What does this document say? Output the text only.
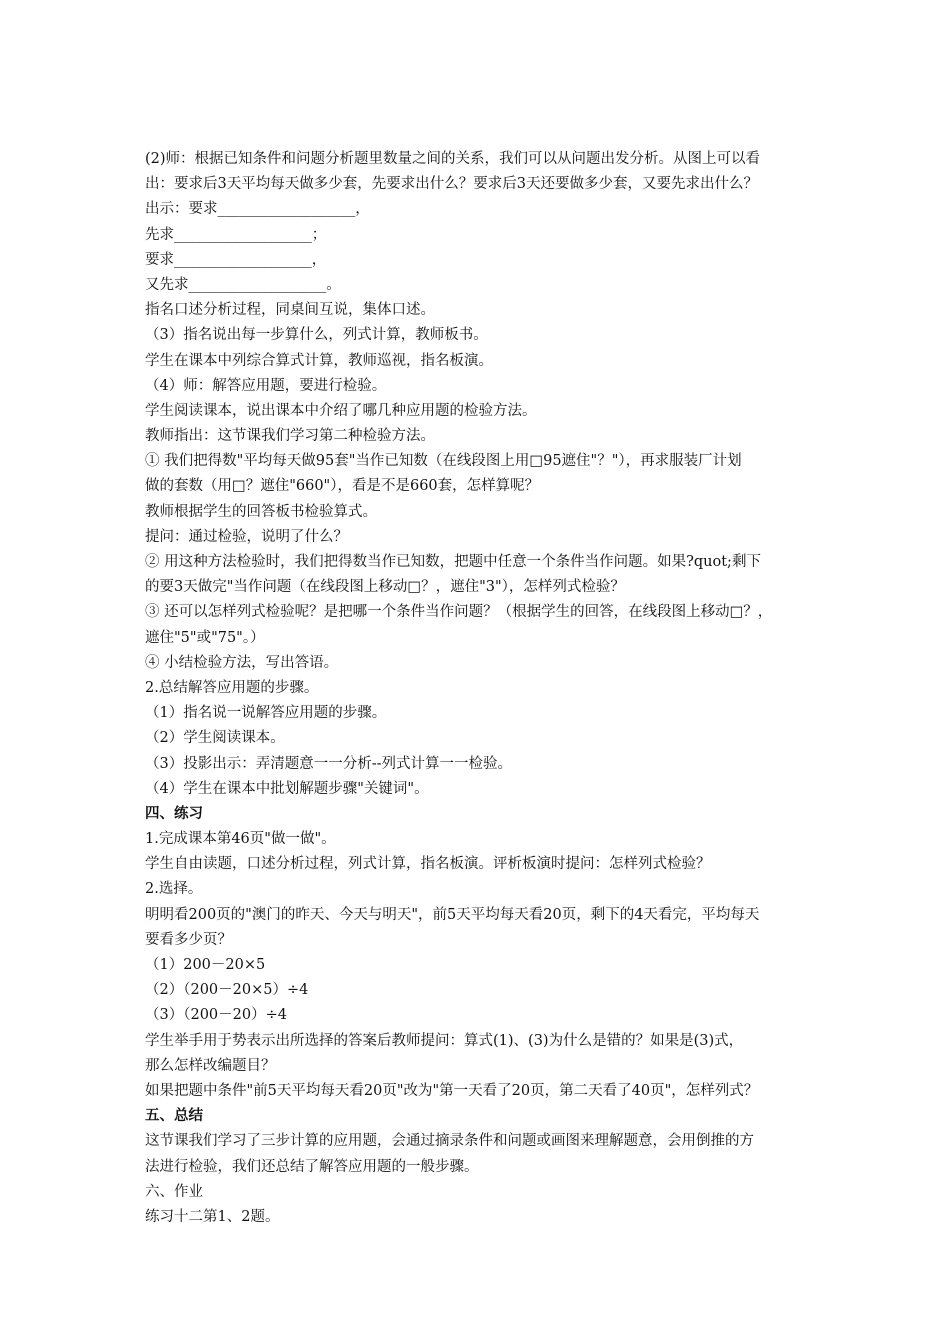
(2)师：根据已知条件和问题分析题里数量之间的关系，我们可以从问题出发分析。从图上可以看
出：要求后3天平均每天做多少套，先要求出什么？要求后3天还要做多少套，又要先求出什么？
出示：要求___________________，
先求___________________；
要求___________________，
又先求___________________。
指名口述分析过程，同桌间互说，集体口述。
（3）指名说出每一步算什么，列式计算，教师板书。
学生在课本中列综合算式计算，教师巡视，指名板演。
（4）师：解答应用题，要进行检验。
学生阅读课本，说出课本中介绍了哪几种应用题的检验方法。
教师指出：这节课我们学习第二种检验方法。
① 我们把得数"平均每天做95套"当作已知数（在线段图上用□95遮住"？"），再求服装厂计划
做的套数（用□？遮住"660"），看是不是660套，怎样算呢？
教师根据学生的回答板书检验算式。
提问：通过检验，说明了什么？
② 用这种方法检验时，我们把得数当作已知数，把题中任意一个条件当作问题。如果?quot;剩下
的要3天做完"当作问题（在线段图上移动□？，遮住"3"），怎样列式检验？
③ 还可以怎样列式检验呢？是把哪一个条件当作问题？（根据学生的回答，在线段图上移动□？，
遮住"5"或"75"。）
④ 小结检验方法，写出答语。
2.总结解答应用题的步骤。
（1）指名说一说解答应用题的步骤。
（2）学生阅读课本。
（3）投影出示：弄清题意一一分析--列式计算一一检验。
（4）学生在课本中批划解题步骤"关键词"。
四、练习
1.完成课本第46页"做一做"。
学生自由读题，口述分析过程，列式计算，指名板演。评析板演时提问：怎样列式检验？
2.选择。
明明看200页的"澳门的昨天、今天与明天"，前5天平均每天看20页，剩下的4天看完，平均每天
要看多少页？
（1）200－20×5
（2）（200－20×5）÷4
（3）（200－20）÷4
学生举手用于势表示出所选择的答案后教师提问：算式(1)、(3)为什么是错的？如果是(3)式，
那么怎样改编题目？
如果把题中条件"前5天平均每天看20页"改为"第一天看了20页，第二天看了40页"，怎样列式？
五、总结
这节课我们学习了三步计算的应用题，会通过摘录条件和问题或画图来理解题意，会用倒推的方
法进行检验，我们还总结了解答应用题的一般步骤。
六、作业
练习十二第1、2题。
